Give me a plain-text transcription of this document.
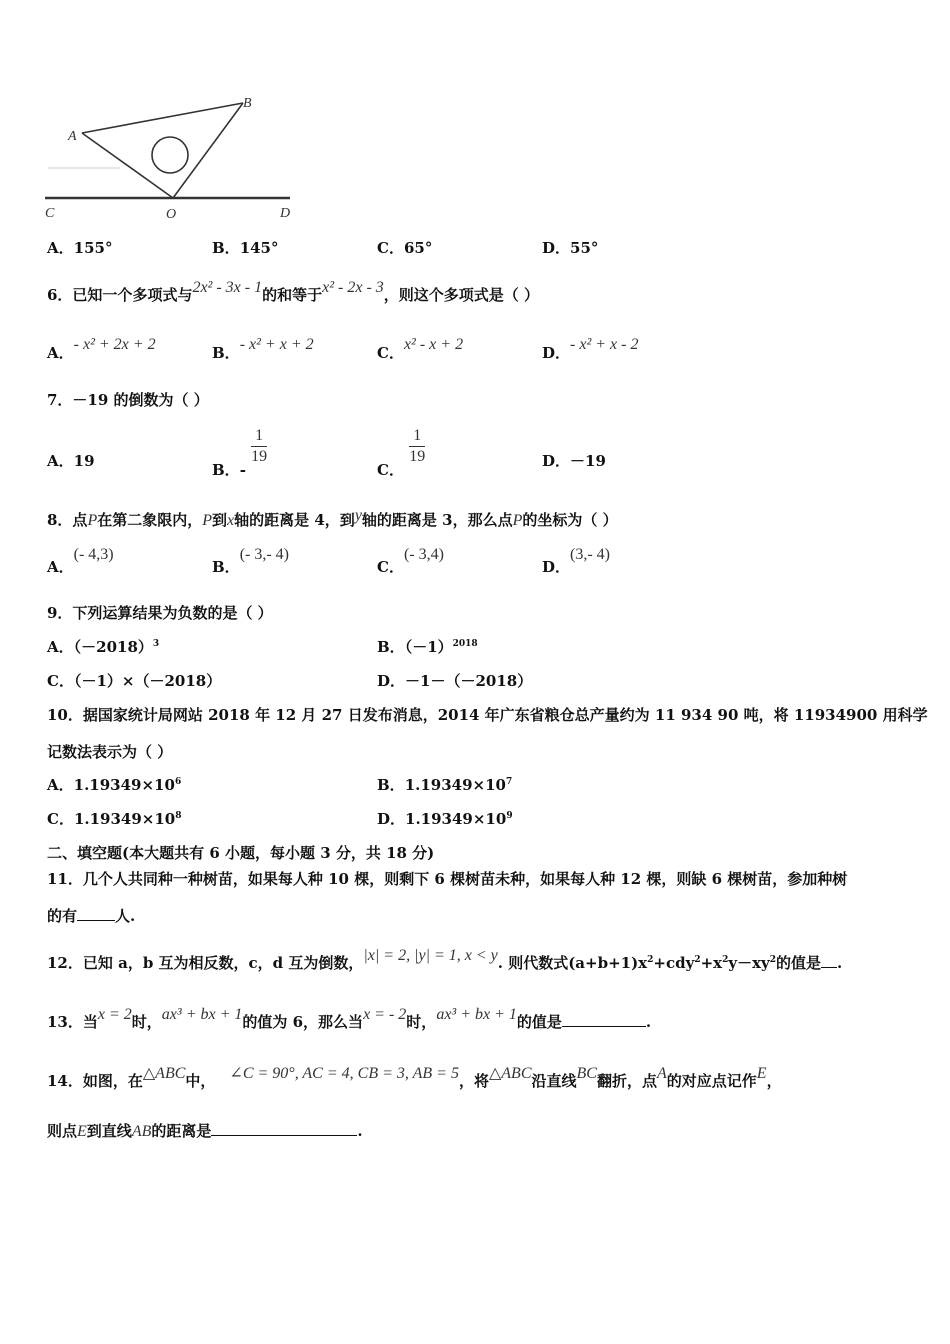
A
B
C	O	D
A．155°	B．145°	C．65°	D．55°
6．已知一个多项式与2x² - 3x - 1的和等于x² - 2x - 3，则这个多项式是（ ）
A．- x² + 2x + 2	B．- x² + x + 2	C．x² - x + 2	D．- x² + x - 2
7．－19 的倒数为（ ）
A．19	B．-
$\frac{1}{19}$
C．
$\frac{1}{19}$	D．－19
8．点P在第二象限内，P到x轴的距离是 4，到y轴的距离是 3，那么点P的坐标为（ ）
A．(- 4,3)
B．(- 3,- 4)
C．(- 3,4)
D．(3,- 4)
9．下列运算结果为负数的是（ ）
A．$(-2018)^3$	B．$(-1)^{2018}$
C．（－1）×（－2018）	D．－1－（－2018）
10．据国家统计局网站 2018 年 12 月 27 日发布消息，2014 年广东省粮仓总产量约为 11 934 90 吨，将 11934900 用科学
记数法表示为（ ）
A．$1.19349\times 10^6$	B．$1.19349\times 10^7$
C．$1.19349\times 10^8$	D．$1.19349\times 10^9$
二、填空题(本大题共有 6 小题，每小题 3 分，共 18 分)
11．几个人共同种一种树苗，如果每人种 10 棵，则剩下 6 棵树苗未种，如果每人种 12 棵，则缺 6 棵树苗，参加种树
的有	人.
12．已知 a，b 互为相反数，c，d 互为倒数，|x| = 2, |y| = 1, x < y. 则代数式$(a+b+1)x^2+cdy^2+x^2y-xy^2$的值是 .
13．当x = 2时，ax³ + bx + 1的值为 6，那么当x = - 2时，ax³ + bx + 1的值是	.
14．如图，在△ABC中， ∠C = 90°, AC = 4, CB = 3, AB = 5，将△ABC沿直线BC翻折，点A的对应点记作E，
则点E到直线AB的距离是	.
